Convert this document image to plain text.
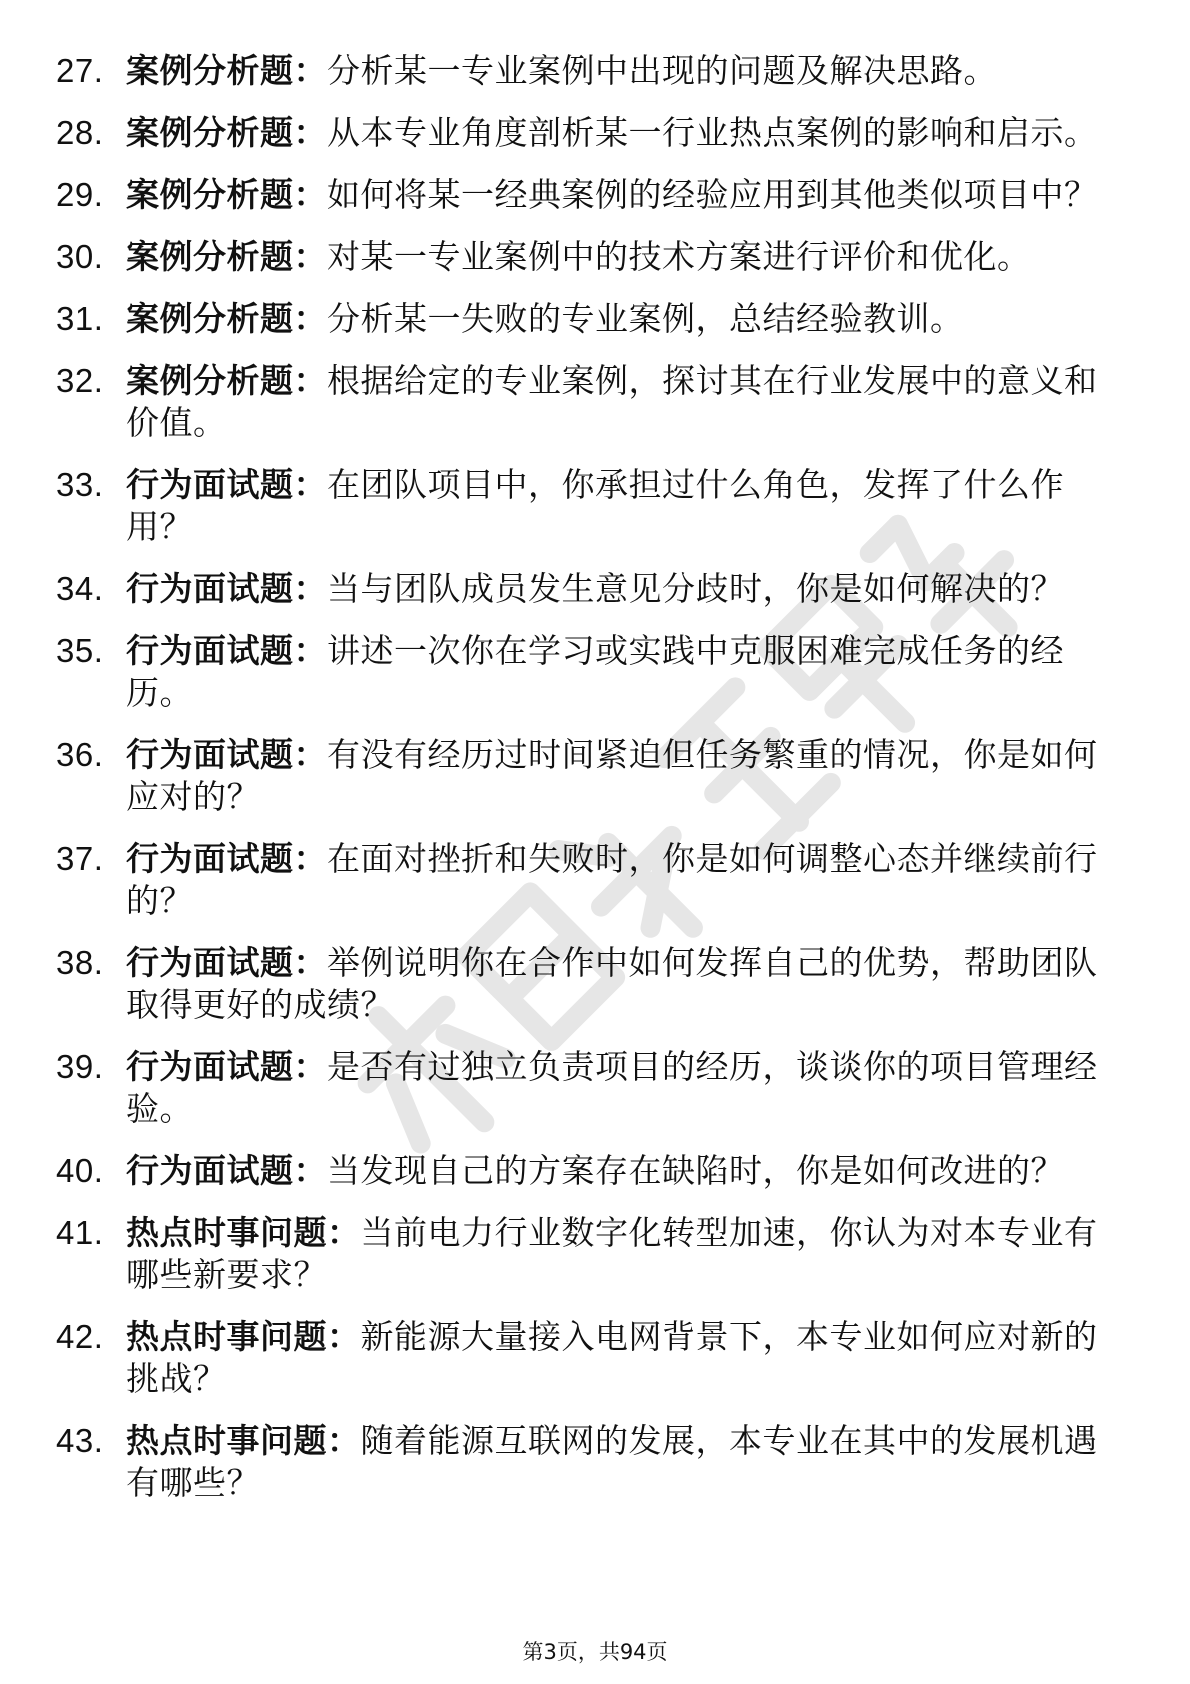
27. 案例分析题：分析某一专业案例中出现的问题及解决思路。
28. 案例分析题：从本专业角度剖析某一行业热点案例的影响和启示。
29. 案例分析题：如何将某一经典案例的经验应用到其他类似项目中？
30. 案例分析题：对某一专业案例中的技术方案进行评价和优化。
31. 案例分析题：分析某一失败的专业案例，总结经验教训。
32. 案例分析题：根据给定的专业案例，探讨其在行业发展中的意义和价值。
33. 行为面试题：在团队项目中，你承担过什么角色，发挥了什么作用？
34. 行为面试题：当与团队成员发生意见分歧时，你是如何解决的？
35. 行为面试题：讲述一次你在学习或实践中克服困难完成任务的经历。
36. 行为面试题：有没有经历过时间紧迫但任务繁重的情况，你是如何应对的？
37. 行为面试题：在面对挫折和失败时，你是如何调整心态并继续前行的？
38. 行为面试题：举例说明你在合作中如何发挥自己的优势，帮助团队取得更好的成绩？
39. 行为面试题：是否有过独立负责项目的经历，谈谈你的项目管理经验。
40. 行为面试题：当发现自己的方案存在缺陷时，你是如何改进的？
41. 热点时事问题：当前电力行业数字化转型加速，你认为对本专业有哪些新要求？
42. 热点时事问题：新能源大量接入电网背景下，本专业如何应对新的挑战？
43. 热点时事问题：随着能源互联网的发展，本专业在其中的发展机遇有哪些？
第3页，共94页
